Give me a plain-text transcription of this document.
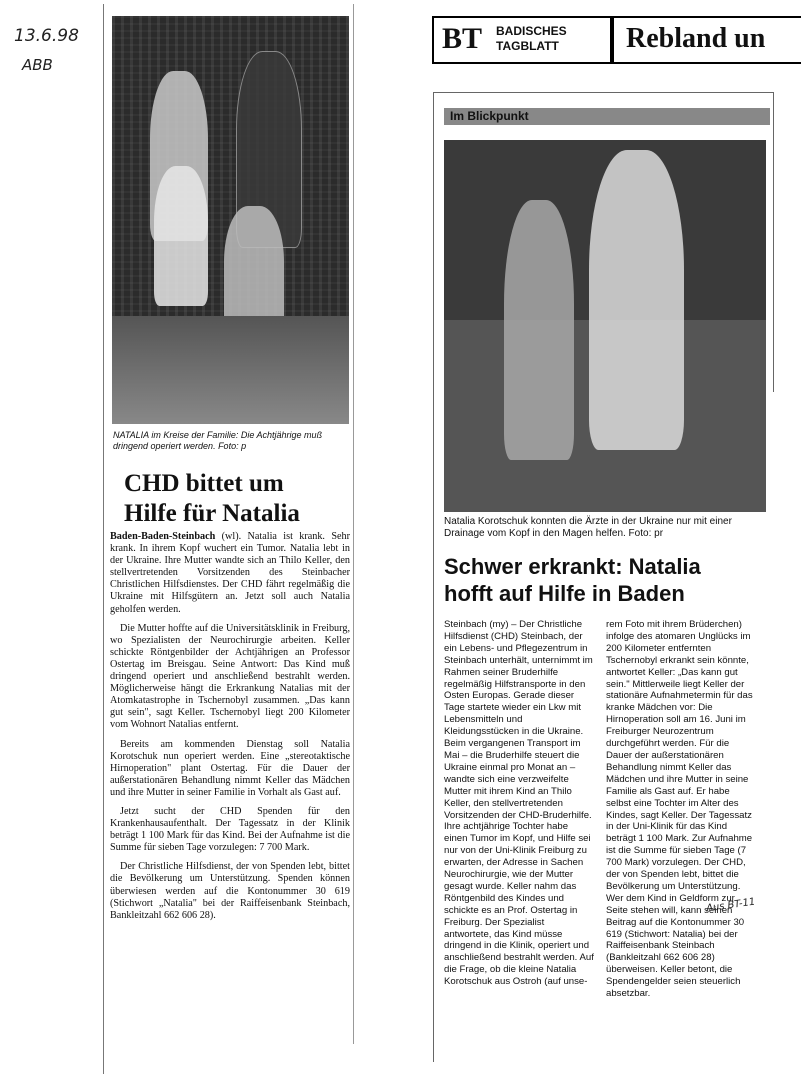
13.6.98
ABB
NATALIA im Kreise der Familie: Die Achtjährige muß dringend operiert werden. Foto: p
CHD bittet um
Hilfe für Natalia

Baden-Baden-Steinbach (wl). Natalia ist krank. Sehr krank. In ihrem Kopf wuchert ein Tumor. Natalia lebt in der Ukraine. Ihre Mutter wandte sich an Thilo Keller, den stellvertretenden Vorsitzenden des Steinbacher Christlichen Hilfsdienstes. Der CHD fährt regelmäßig die Ukraine mit Hilfsgütern an. Jetzt soll auch Natalia geholfen werden.

Die Mutter hoffte auf die Universitätsklinik in Freiburg, wo Spezialisten der Neurochirurgie arbeiten. Keller schickte Röntgenbilder der Achtjährigen an Professor Ostertag im Breisgau. Seine Antwort: Das Kind muß dringend operiert und anschließend bestrahlt werden. Möglicherweise hängt die Erkrankung Natalias mit der Atomkatastrophe in Tschernobyl zusammen. „Das kann gut sein", sagt Keller. Tschernobyl liegt 200 Kilometer vom Wohnort Natalias entfernt.

Bereits am kommenden Dienstag soll Natalia Korotschuk nun operiert werden. Eine „stereotaktische Hirnoperation" plant Ostertag. Für die Dauer der außerstationären Behandlung nimmt Keller das Mädchen und ihre Mutter in seiner Familie in Vorhalt als Gast auf.

Jetzt sucht der CHD Spenden für den Krankenhausaufenthalt. Der Tagessatz in der Klinik beträgt 1 100 Mark für das Kind. Bei der Aufnahme ist die Summe für sieben Tage vorzulegen: 7 700 Mark.

Der Christliche Hilfsdienst, der von Spenden lebt, bittet die Bevölkerung um Unterstützung. Spenden können überwiesen werden auf die Kontonummer 30 619 (Stichwort „Natalia" bei der Raiffeisenbank Steinbach, Bankleitzahl 662 606 28).

BT BADISCHES
TAGBLATT Rebland un
Im Blickpunkt
Natalia Korotschuk konnten die Ärzte in der Ukraine nur mit einer Drainage vom Kopf in den Magen helfen. Foto: pr
Schwer erkrankt: Natalia
hofft auf Hilfe in Baden
Steinbach (my) – Der Christliche Hilfsdienst (CHD) Steinbach, der ein Lebens- und Pflegezentrum in Steinbach unterhält, unternimmt im Rahmen seiner Bruderhilfe regelmäßig Hilfstransporte in den Osten Europas. Gerade dieser Tage startete wieder ein Lkw mit Lebensmitteln und Kleidungsstücken in die Ukraine. Beim vergangenen Transport im Mai – die Bruderhilfe steuert die Ukraine einmal pro Monat an – wandte sich eine verzweifelte Mutter mit ihrem Kind an Thilo Keller, den stellvertretenden Vorsitzenden der CHD-Bruderhilfe. Ihre achtjährige Tochter habe einen Tumor im Kopf, und Hilfe sei nur von der Uni-Klinik Freiburg zu erwarten, der Adresse in Sachen Neurochirurgie, wie der Mutter gesagt wurde. Keller nahm das Röntgenbild des Kindes und schickte es an Prof. Ostertag in Freiburg. Der Spezialist antwortete, das Kind müsse dringend in die Klinik, operiert und anschließend bestrahlt werden. Auf die Frage, ob die kleine Natalia Korotschuk aus Ostroh (auf unse-
rem Foto mit ihrem Brüderchen) infolge des atomaren Unglücks im 200 Kilometer entfernten Tschernobyl erkrankt sein könnte, antwortet Keller: „Das kann gut sein." Mittlerweile liegt Keller der stationäre Aufnahmetermin für das kranke Mädchen vor: Die Hirnoperation soll am 16. Juni im Freiburger Neurozentrum durchgeführt werden. Für die Dauer der außerstationären Behandlung nimmt Keller das Mädchen und ihre Mutter in seine Familie als Gast auf. Er habe selbst eine Tochter im Alter des Kindes, sagt Keller. Der Tagessatz in der Uni-Klinik für das Kind beträgt 1 100 Mark. Zur Aufnahme ist die Summe für sieben Tage (7 700 Mark) vorzulegen. Der CHD, der von Spenden lebt, bittet die Bevölkerung um Unterstützung. Wer dem Kind in Geldform zur Seite stehen will, kann seinen Beitrag auf die Kontonummer 30 619 (Stichwort: Natalia) bei der Raiffeisenbank Steinbach (Bankleitzahl 662 606 28) überweisen. Keller betont, die Spendengelder seien steuerlich absetzbar.
Aus BT-11
